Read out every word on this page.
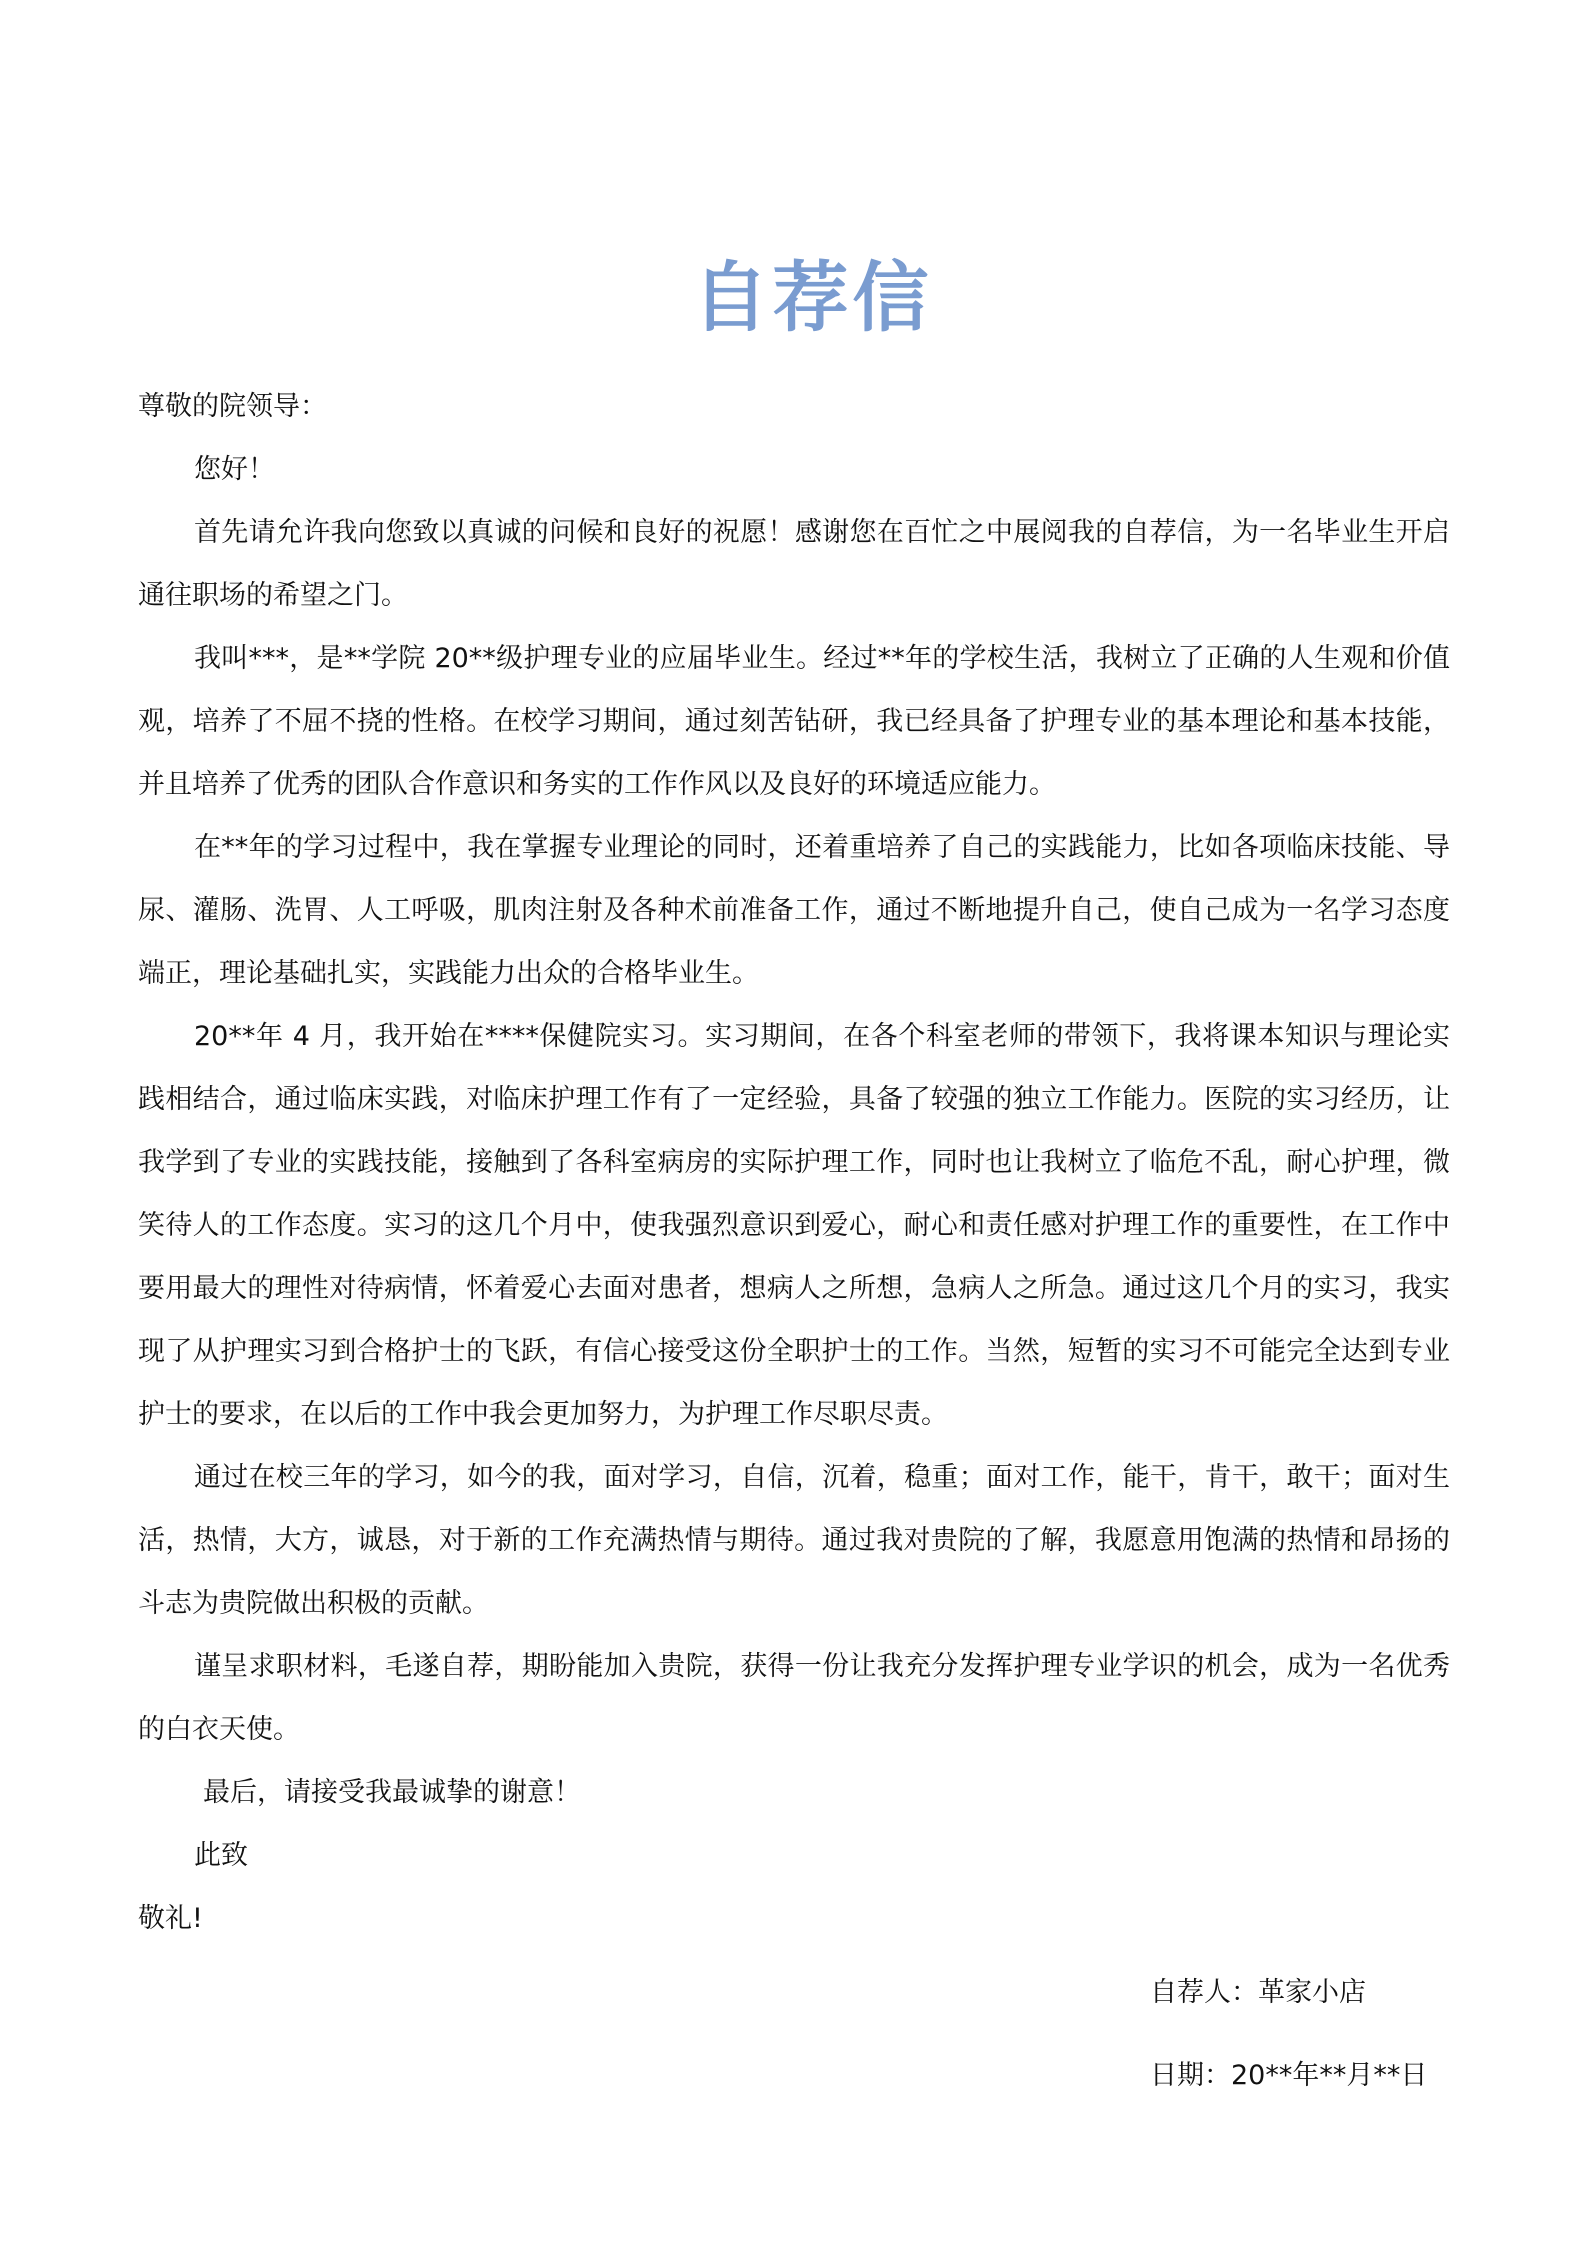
自荐信

尊敬的院领导：

您好！

首先请允许我向您致以真诚的问候和良好的祝愿！感谢您在百忙之中展阅我的自荐信，为一名毕业生开启通往职场的希望之门。

我叫***，是**学院 20**级护理专业的应届毕业生。经过**年的学校生活，我树立了正确的人生观和价值观，培养了不屈不挠的性格。在校学习期间，通过刻苦钻研，我已经具备了护理专业的基本理论和基本技能，并且培养了优秀的团队合作意识和务实的工作作风以及良好的环境适应能力。

在**年的学习过程中，我在掌握专业理论的同时，还着重培养了自己的实践能力，比如各项临床技能、导尿、灌肠、洗胃、人工呼吸，肌肉注射及各种术前准备工作，通过不断地提升自己，使自己成为一名学习态度端正，理论基础扎实，实践能力出众的合格毕业生。

20**年 4 月，我开始在****保健院实习。实习期间，在各个科室老师的带领下，我将课本知识与理论实践相结合，通过临床实践，对临床护理工作有了一定经验，具备了较强的独立工作能力。医院的实习经历，让我学到了专业的实践技能，接触到了各科室病房的实际护理工作，同时也让我树立了临危不乱，耐心护理，微笑待人的工作态度。实习的这几个月中，使我强烈意识到爱心，耐心和责任感对护理工作的重要性，在工作中要用最大的理性对待病情，怀着爱心去面对患者，想病人之所想，急病人之所急。通过这几个月的实习，我实现了从护理实习到合格护士的飞跃，有信心接受这份全职护士的工作。当然，短暂的实习不可能完全达到专业护士的要求，在以后的工作中我会更加努力，为护理工作尽职尽责。

通过在校三年的学习，如今的我，面对学习，自信，沉着，稳重；面对工作，能干，肯干，敢干；面对生活，热情，大方，诚恳，对于新的工作充满热情与期待。通过我对贵院的了解，我愿意用饱满的热情和昂扬的斗志为贵院做出积极的贡献。

谨呈求职材料，毛遂自荐，期盼能加入贵院，获得一份让我充分发挥护理专业学识的机会，成为一名优秀的白衣天使。

最后，请接受我最诚挚的谢意！

此致

敬礼!

自荐人：革家小店
日期：20**年**月**日
